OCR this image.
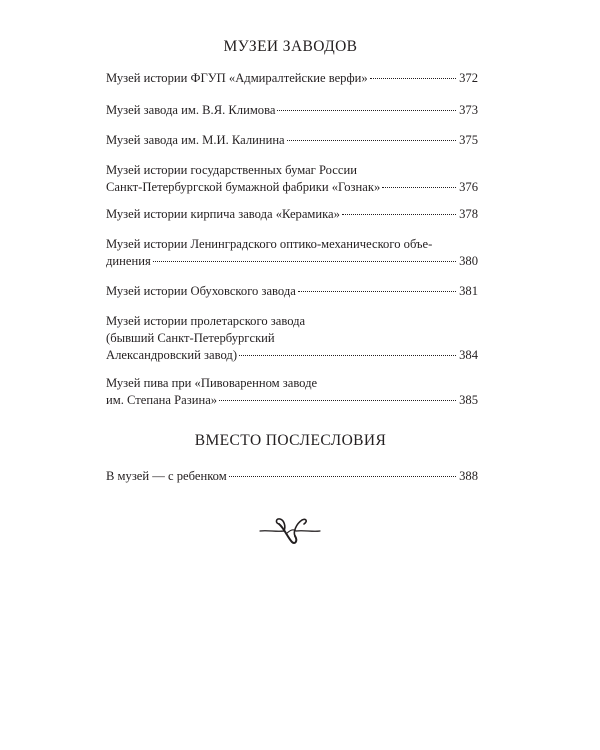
МУЗЕИ ЗАВОДОВ
Музей истории ФГУП «Адмиралтейские верфи»	372
Музей завода им. В.Я. Климова	373
Музей завода им. М.И. Калинина	375
Музей истории государственных бумаг России
Санкт-Петербургской бумажной фабрики «Гознак»	376
Музей истории кирпича завода «Керамика»	378
Музей истории Ленинградского оптико-механического объе-
динения	380
Музей истории Обуховского завода	381
Музей истории пролетарского завода
(бывший Санкт-Петербургский
Александровский завод)	384
Музей пива при «Пивоваренном заводе
им. Степана Разина»	385
ВМЕСТО ПОСЛЕСЛОВИЯ
В музей — с ребенком	388
